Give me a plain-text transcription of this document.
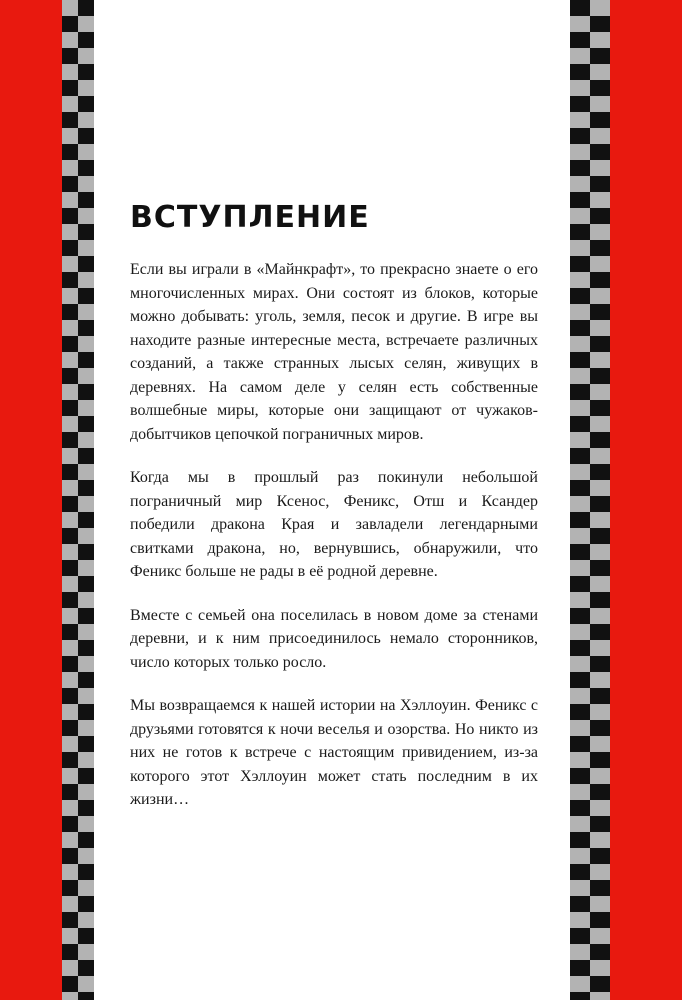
ВСТУПЛЕНИЕ

Если вы играли в «Майнкрафт», то прекрасно знаете о его многочисленных мирах. Они состоят из блоков, которые можно добывать: уголь, земля, песок и другие. В игре вы находите разные интересные места, встречаете различных созданий, а также странных лысых селян, живущих в деревнях. На самом деле у селян есть собственные волшебные миры, которые они защищают от чужаков-добытчиков цепочкой пограничных миров.

Когда мы в прошлый раз покинули небольшой пограничный мир Ксенос, Феникс, Отш и Ксандер победили дракона Края и завладели легендарными свитками дракона, но, вернувшись, обнаружили, что Феникс больше не рады в её родной деревне.

Вместе с семьей она поселилась в новом доме за стенами деревни, и к ним присоединилось немало сторонников, число которых только росло.

Мы возвращаемся к нашей истории на Хэллоуин. Феникс с друзьями готовятся к ночи веселья и озорства. Но никто из них не готов к встрече с настоящим привидением, из-за которого этот Хэллоуин может стать последним в их жизни…
